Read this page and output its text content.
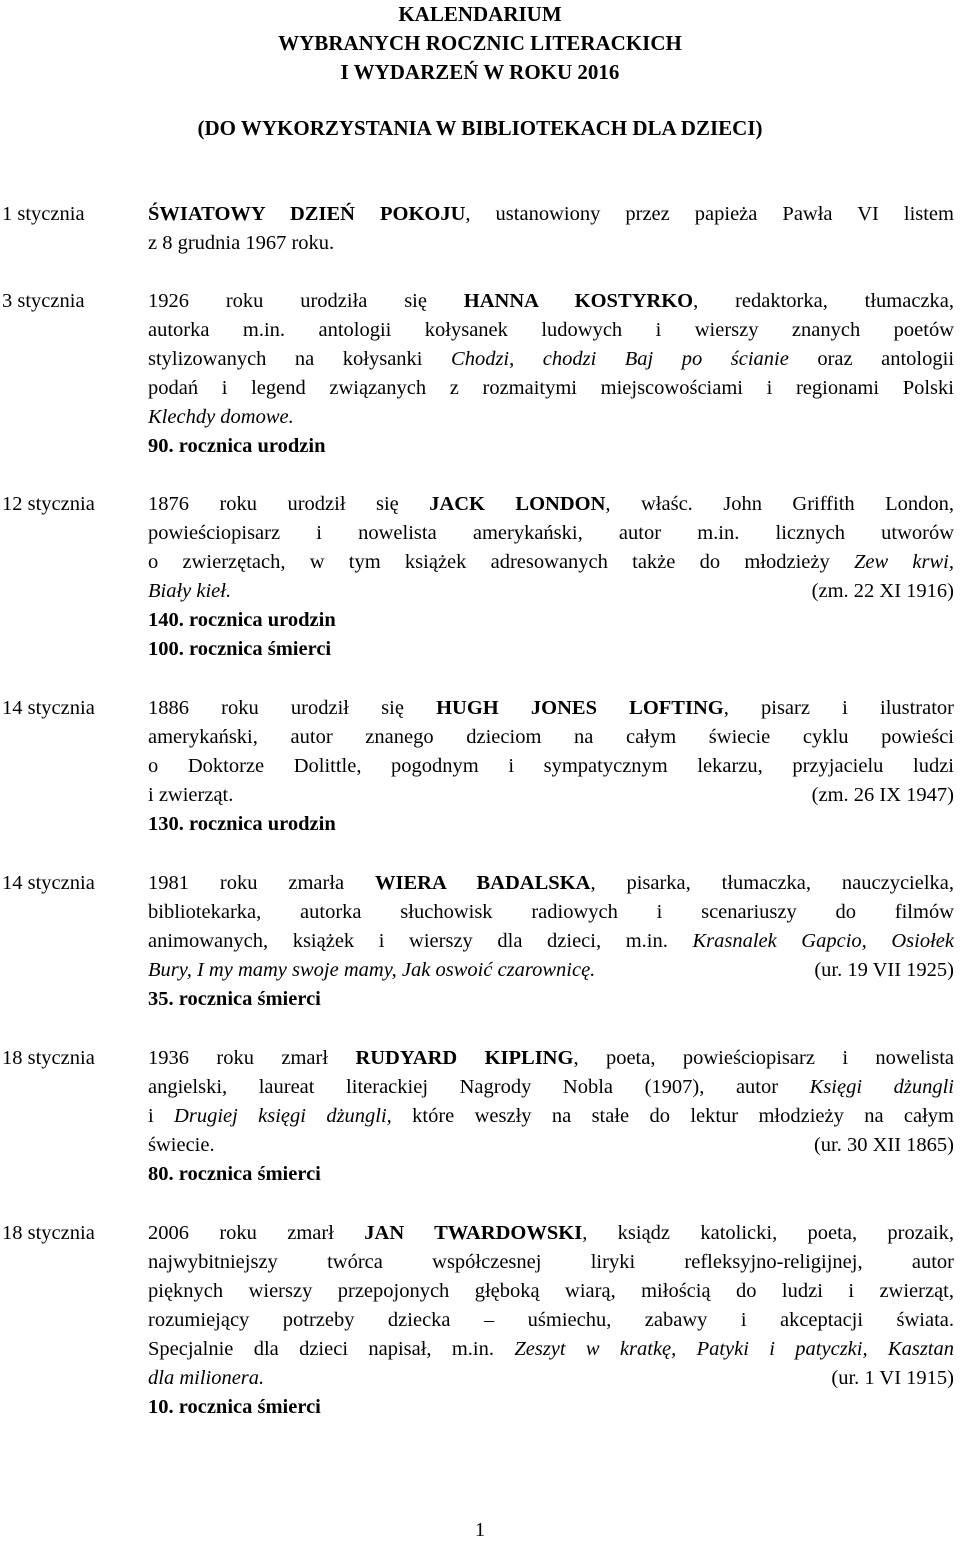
KALENDARIUM
WYBRANYCH ROCZNIC LITERACKICH
I WYDARZEŃ W ROKU 2016
(DO WYKORZYSTANIA W BIBLIOTEKACH DLA DZIECI)
1 stycznia	ŚWIATOWY DZIEŃ POKOJU, ustanowiony przez papieża Pawła VI listem
z 8 grudnia 1967 roku.
3 stycznia	1926 roku urodziła się HANNA KOSTYRKO, redaktorka, tłumaczka,
autorka m.in. antologii kołysanek ludowych i wierszy znanych poetów
stylizowanych na kołysanki Chodzi, chodzi Baj po ścianie oraz antologii
podań i legend związanych z rozmaitymi miejscowościami i regionami Polski
Klechdy domowe.
90. rocznica urodzin
12 stycznia	1876 roku urodził się JACK LONDON, właśc. John Griffith London,
powieściopisarz i nowelista amerykański, autor m.in. licznych utworów
o zwierzętach, w tym książek adresowanych także do młodzieży Zew krwi,
Biały kieł.	(zm. 22 XI 1916)
140. rocznica urodzin
100. rocznica śmierci
14 stycznia	1886 roku urodził się HUGH JONES LOFTING, pisarz i ilustrator
amerykański, autor znanego dzieciom na całym świecie cyklu powieści
o Doktorze Dolittle, pogodnym i sympatycznym lekarzu, przyjacielu ludzi
i zwierząt.	(zm. 26 IX 1947)
130. rocznica urodzin
14 stycznia	1981 roku zmarła WIERA BADALSKA, pisarka, tłumaczka, nauczycielka,
bibliotekarka, autorka słuchowisk radiowych i scenariuszy do filmów
animowanych, książek i wierszy dla dzieci, m.in. Krasnalek Gapcio, Osiołek
Bury, I my mamy swoje mamy, Jak oswoić czarownicę.	(ur. 19 VII 1925)
35. rocznica śmierci
18 stycznia	1936 roku zmarł RUDYARD KIPLING, poeta, powieściopisarz i nowelista
angielski, laureat literackiej Nagrody Nobla (1907), autor Księgi dżungli
i Drugiej księgi dżungli, które weszły na stałe do lektur młodzieży na całym
świecie.	(ur. 30 XII 1865)
80. rocznica śmierci
18 stycznia	2006 roku zmarł JAN TWARDOWSKI, ksiądz katolicki, poeta, prozaik,
najwybitniejszy twórca współczesnej liryki refleksyjno-religijnej, autor
pięknych wierszy przepojonych głęboką wiarą, miłością do ludzi i zwierząt,
rozumiejący potrzeby dziecka – uśmiechu, zabawy i akceptacji świata.
Specjalnie dla dzieci napisał, m.in. Zeszyt w kratkę, Patyki i patyczki, Kasztan
dla milionera.	(ur. 1 VI 1915)
10. rocznica śmierci
1
